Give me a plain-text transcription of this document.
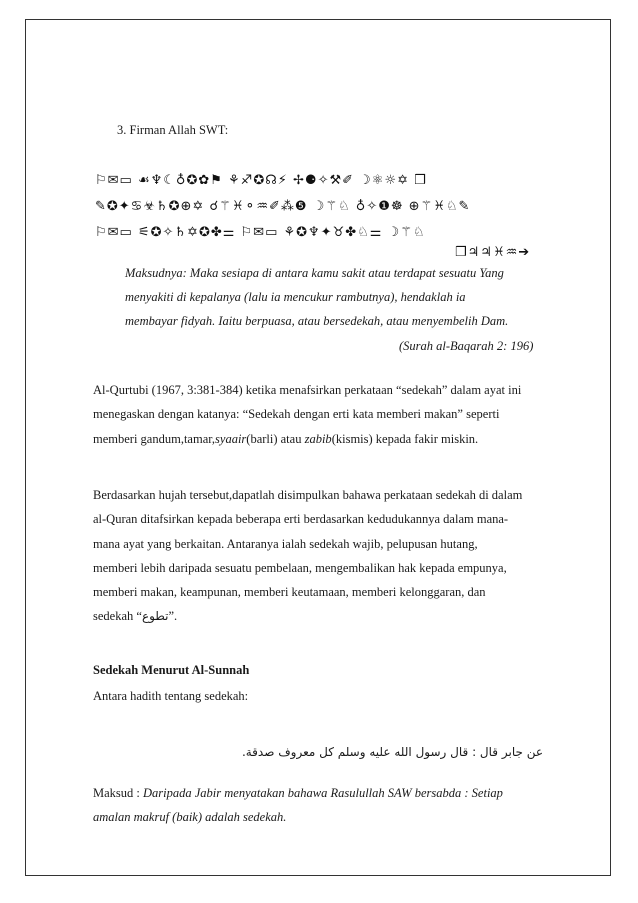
3. Firman Allah SWT:
⚐✉▭ ☙♆☾♁✪✿⚑ ⚘♐✪☊⚡ ✢⚈✧⚒✐ ☽⚛☼✡ ❒
✎✪✦♋☣♄✪⊕✡ ☌⚚♓⚬♒✐⁂❺ ☽⚚♘ ♁✧❶☸ ⊕⚚♓♘✎
⚐✉▭ ⚟✪✧♄✡✪✤⚌ ⚐✉▭ ⚘✪♆✦♉✤♘⚌ ☽⚚♘
❒♃♃♓♒➔
Maksudnya: Maka sesiapa di antara kamu sakit atau terdapat sesuatu Yang
menyakiti di kepalanya (lalu ia mencukur rambutnya), hendaklah ia
membayar fidyah. Iaitu berpuasa, atau bersedekah, atau menyembelih Dam.
(Surah al-Baqarah 2: 196)
Al-Qurtubi (1967, 3:381-384) ketika menafsirkan perkataan “sedekah” dalam ayat ini
menegaskan dengan katanya: “Sedekah dengan erti kata memberi makan” seperti
memberi gandum,tamar,syaair(barli) atau zabib(kismis) kepada fakir miskin.
Berdasarkan hujah tersebut,dapatlah disimpulkan bahawa perkataan sedekah di dalam
al-Quran ditafsirkan kepada beberapa erti berdasarkan kedudukannya dalam mana-
mana ayat yang berkaitan. Antaranya ialah sedekah wajib, pelupusan hutang,
memberi lebih daripada sesuatu pembelaan, mengembalikan hak kepada empunya,
memberi makan, keampunan, memberi keutamaan, memberi kelonggaran, dan
sedekah “تطوع”.
Sedekah Menurut Al-Sunnah
Antara hadith tentang sedekah:
عن جابر قال : قال رسول الله عليه وسلم كل معروف صدقة.
Maksud : Daripada Jabir menyatakan bahawa Rasulullah SAW bersabda : Setiap
amalan makruf (baik) adalah sedekah.
